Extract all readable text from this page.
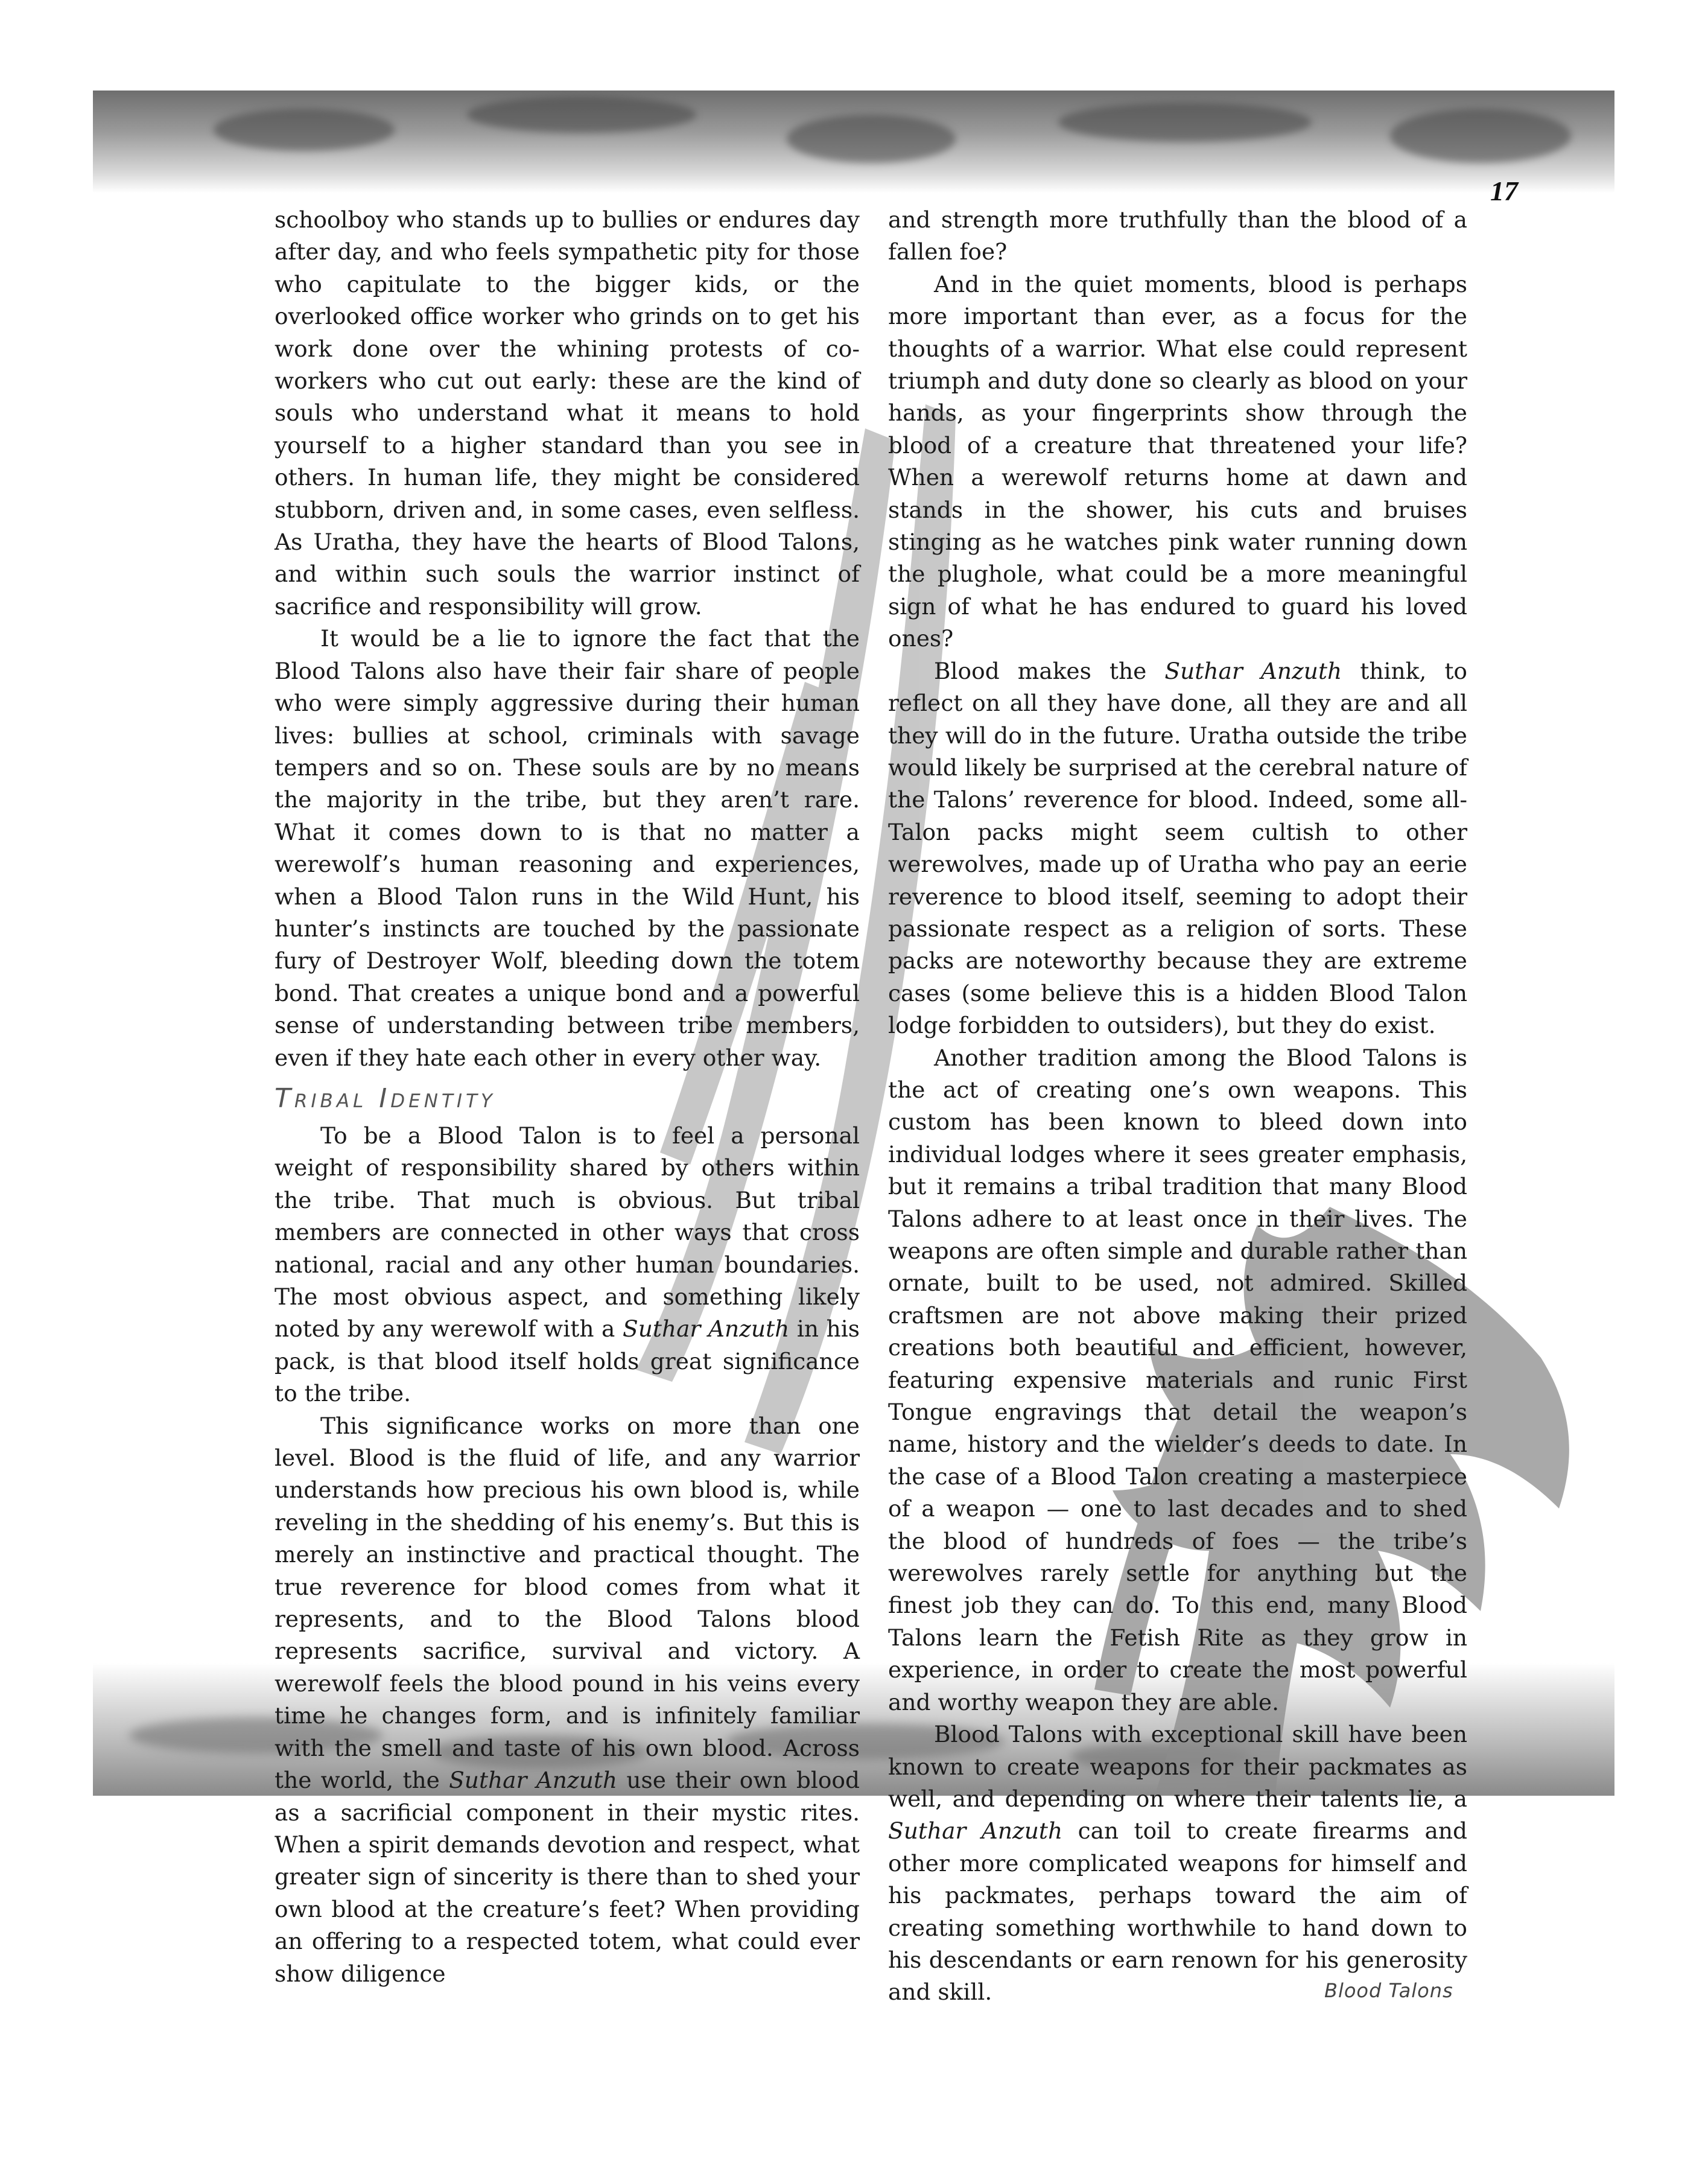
17

schoolboy who stands up to bullies or endures day after day, and who feels sympathetic pity for those who capitulate to the bigger kids, or the overlooked office worker who grinds on to get his work done over the whining protests of co-workers who cut out early: these are the kind of souls who understand what it means to hold yourself to a higher standard than you see in others. In human life, they might be considered stubborn, driven and, in some cases, even selfless. As Uratha, they have the hearts of Blood Talons, and within such souls the warrior instinct of sacrifice and responsibility will grow.

It would be a lie to ignore the fact that the Blood Talons also have their fair share of people who were simply aggressive during their human lives: bullies at school, criminals with savage tempers and so on. These souls are by no means the majority in the tribe, but they aren’t rare. What it comes down to is that no matter a werewolf’s human reasoning and experiences, when a Blood Talon runs in the Wild Hunt, his hunter’s instincts are touched by the passionate fury of Destroyer Wolf, bleeding down the totem bond. That creates a unique bond and a powerful sense of understanding between tribe members, even if they hate each other in every other way.

Tribal Identity

To be a Blood Talon is to feel a personal weight of responsibility shared by others within the tribe. That much is obvious. But tribal members are connected in other ways that cross national, racial and any other human boundaries. The most obvious aspect, and something likely noted by any werewolf with a Suthar Anzuth in his pack, is that blood itself holds great significance to the tribe.

This significance works on more than one level. Blood is the fluid of life, and any warrior understands how precious his own blood is, while reveling in the shedding of his enemy’s. But this is merely an instinctive and practical thought. The true reverence for blood comes from what it represents, and to the Blood Talons blood represents sacrifice, survival and victory. A werewolf feels the blood pound in his veins every time he changes form, and is infinitely familiar with the smell and taste of his own blood. Across the world, the Suthar Anzuth use their own blood as a sacrificial component in their mystic rites. When a spirit demands devotion and respect, what greater sign of sincerity is there than to shed your own blood at the creature’s feet? When providing an offering to a respected totem, what could ever show diligence

and strength more truthfully than the blood of a fallen foe?

And in the quiet moments, blood is perhaps more important than ever, as a focus for the thoughts of a warrior. What else could represent triumph and duty done so clearly as blood on your hands, as your fingerprints show through the blood of a creature that threatened your life? When a werewolf returns home at dawn and stands in the shower, his cuts and bruises stinging as he watches pink water running down the plughole, what could be a more meaningful sign of what he has endured to guard his loved ones?

Blood makes the Suthar Anzuth think, to reflect on all they have done, all they are and all they will do in the future. Uratha outside the tribe would likely be surprised at the cerebral nature of the Talons’ reverence for blood. Indeed, some all-Talon packs might seem cultish to other werewolves, made up of Uratha who pay an eerie reverence to blood itself, seeming to adopt their passionate respect as a religion of sorts. These packs are noteworthy because they are extreme cases (some believe this is a hidden Blood Talon lodge forbidden to outsiders), but they do exist.

Another tradition among the Blood Talons is the act of creating one’s own weapons. This custom has been known to bleed down into individual lodges where it sees greater emphasis, but it remains a tribal tradition that many Blood Talons adhere to at least once in their lives. The weapons are often simple and durable rather than ornate, built to be used, not admired. Skilled craftsmen are not above making their prized creations both beautiful and efficient, however, featuring expensive materials and runic First Tongue engravings that detail the weapon’s name, history and the wielder’s deeds to date. In the case of a Blood Talon creating a masterpiece of a weapon — one to last decades and to shed the blood of hundreds of foes — the tribe’s werewolves rarely settle for anything but the finest job they can do. To this end, many Blood Talons learn the Fetish Rite as they grow in experience, in order to create the most powerful and worthy weapon they are able.

Blood Talons with exceptional skill have been known to create weapons for their packmates as well, and depending on where their talents lie, a Suthar Anzuth can toil to create firearms and other more complicated weapons for himself and his packmates, perhaps toward the aim of creating something worthwhile to hand down to his descendants or earn renown for his generosity and skill.	Blood Talons
